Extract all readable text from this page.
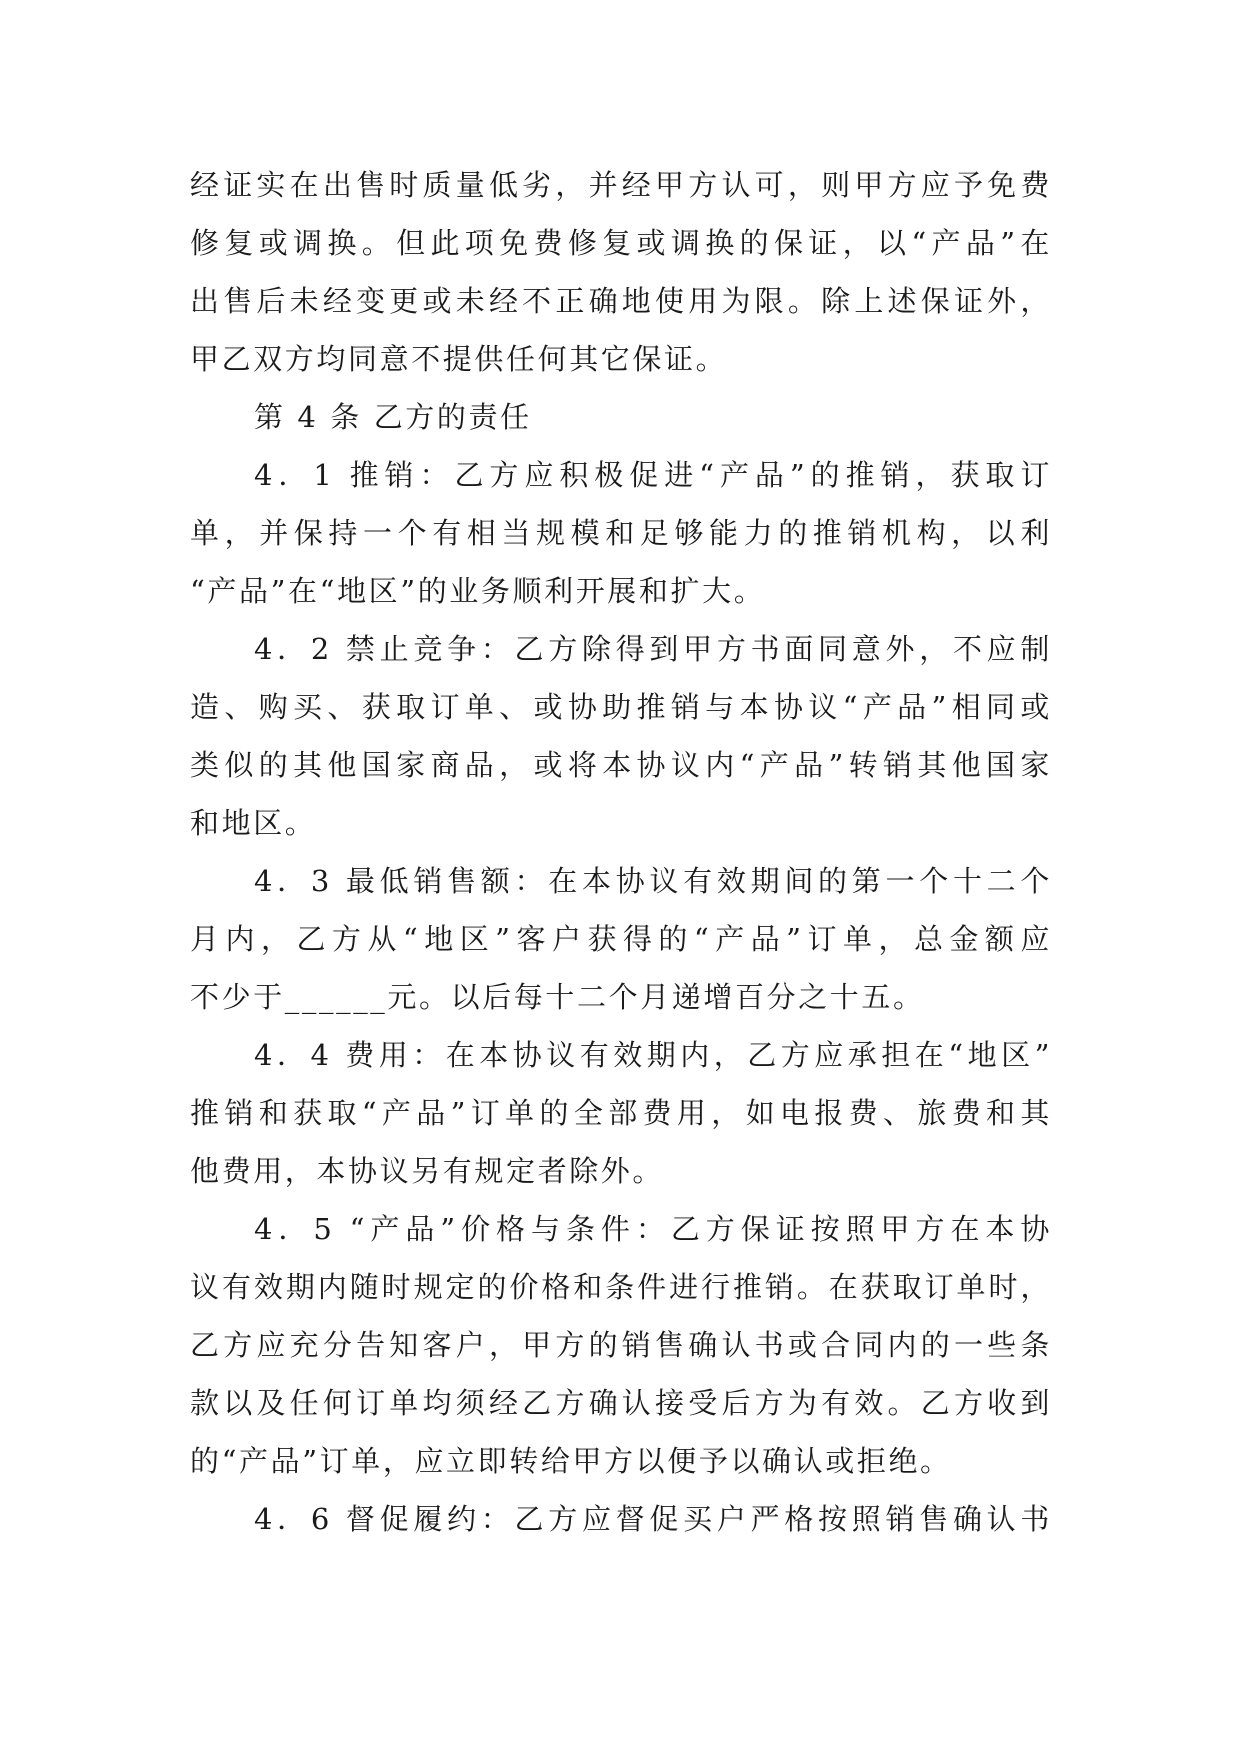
经证实在出售时质量低劣，并经甲方认可，则甲方应予免费
修复或调换。但此项免费修复或调换的保证，以“产品”在
出售后未经变更或未经不正确地使用为限。除上述保证外，
甲乙双方均同意不提供任何其它保证。
第 4 条 乙方的责任
4．1 推销：乙方应积极促进“产品”的推销，获取订
单，并保持一个有相当规模和足够能力的推销机构，以利
“产品”在“地区”的业务顺利开展和扩大。
4．2 禁止竞争：乙方除得到甲方书面同意外，不应制
造、购买、获取订单、或协助推销与本协议“产品”相同或
类似的其他国家商品，或将本协议内“产品”转销其他国家
和地区。
4．3 最低销售额：在本协议有效期间的第一个十二个
月内，乙方从“地区”客户获得的“产品”订单，总金额应
不少于______元。以后每十二个月递增百分之十五。
4．4 费用：在本协议有效期内，乙方应承担在“地区”
推销和获取“产品”订单的全部费用，如电报费、旅费和其
他费用，本协议另有规定者除外。
4．5 “产品”价格与条件：乙方保证按照甲方在本协
议有效期内随时规定的价格和条件进行推销。在获取订单时，
乙方应充分告知客户，甲方的销售确认书或合同内的一些条
款以及任何订单均须经乙方确认接受后方为有效。乙方收到
的“产品”订单，应立即转给甲方以便予以确认或拒绝。
4．6 督促履约：乙方应督促买户严格按照销售确认书
